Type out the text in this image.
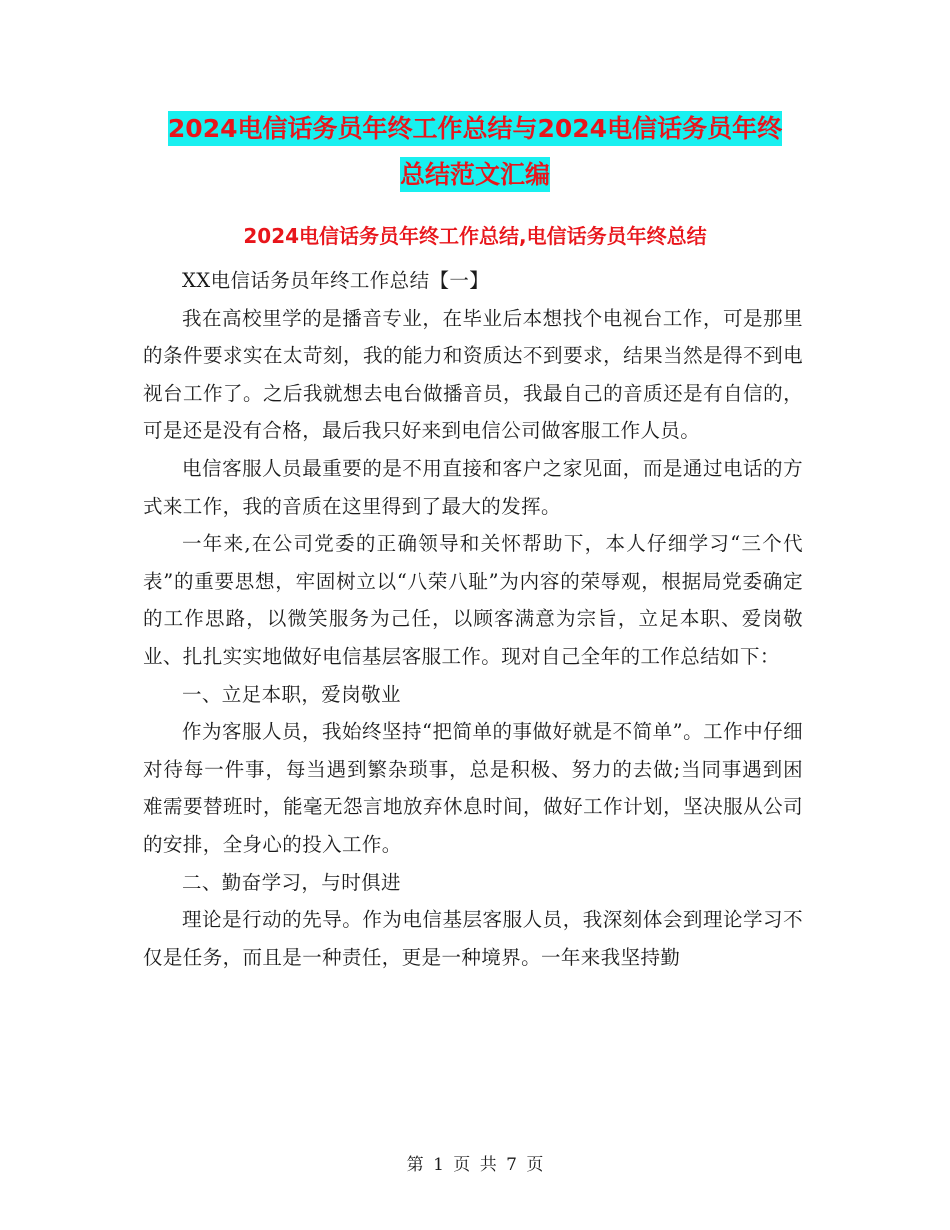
2024电信话务员年终工作总结与2024电信话务员年终
总结范文汇编
2024电信话务员年终工作总结,电信话务员年终总结

XX电信话务员年终工作总结【一】

我在高校里学的是播音专业，在毕业后本想找个电视台工作，可是那里的条件要求实在太苛刻，我的能力和资质达不到要求，结果当然是得不到电视台工作了。之后我就想去电台做播音员，我最自己的音质还是有自信的，可是还是没有合格，最后我只好来到电信公司做客服工作人员。

电信客服人员最重要的是不用直接和客户之家见面，而是通过电话的方式来工作，我的音质在这里得到了最大的发挥。

一年来,在公司党委的正确领导和关怀帮助下，本人仔细学习“三个代表”的重要思想，牢固树立以“八荣八耻”为内容的荣辱观，根据局党委确定的工作思路，以微笑服务为己任，以顾客满意为宗旨，立足本职、爱岗敬业、扎扎实实地做好电信基层客服工作。现对自己全年的工作总结如下：

一、立足本职，爱岗敬业

作为客服人员，我始终坚持“把简单的事做好就是不简单”。工作中仔细对待每一件事，每当遇到繁杂琐事，总是积极、努力的去做;当同事遇到困难需要替班时，能毫无怨言地放弃休息时间，做好工作计划，坚决服从公司的安排，全身心的投入工作。

二、勤奋学习，与时俱进

理论是行动的先导。作为电信基层客服人员，我深刻体会到理论学习不仅是任务，而且是一种责任，更是一种境界。一年来我坚持勤

第 1 页 共 7 页
